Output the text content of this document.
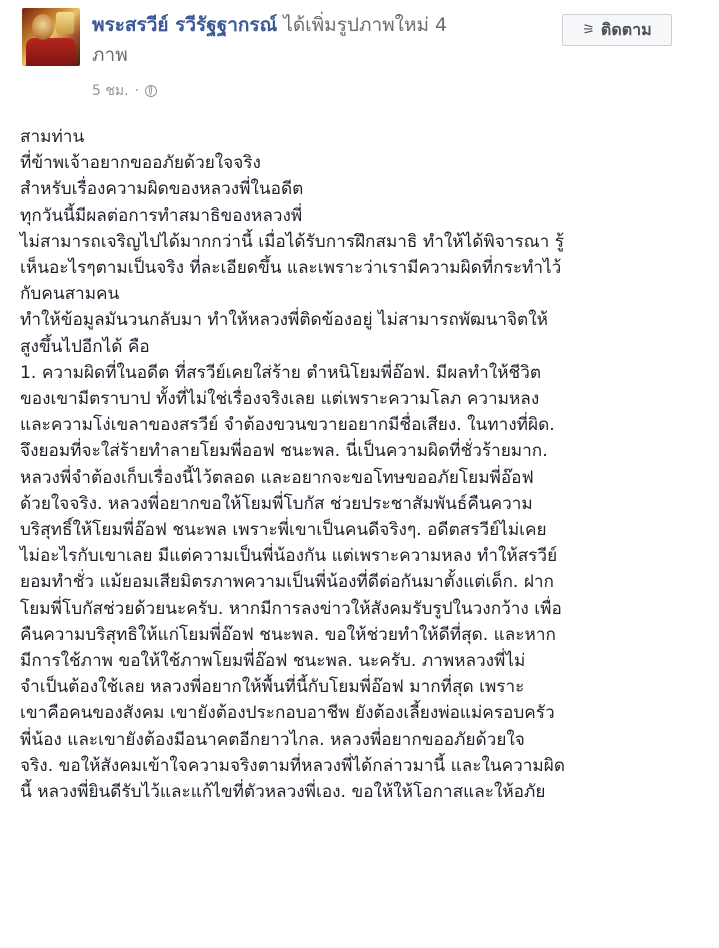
พระสรวีย์ รวีรัฐฐากรณ์ ได้เพิ่มรูปภาพใหม่ 4
ภาพ
5 ชม. ·
⚞ ติดตาม

สามท่าน

ที่ข้าพเจ้าอยากขออภัยด้วยใจจริง

สำหรับเรื่องความผิดของหลวงพี่ในอดีต

ทุกวันนี้มีผลต่อการทำสมาธิของหลวงพี่

ไม่สามารถเจริญไปได้มากกว่านี้ เมื่อได้รับการฝึกสมาธิ ทำให้ได้พิจารณา รู้

เห็นอะไรๆตามเป็นจริง ที่ละเอียดขึ้น และเพราะว่าเรามีความผิดที่กระทำไว้

กับคนสามคน

ทำให้ข้อมูลมันวนกลับมา ทำให้หลวงพี่ติดข้องอยู่ ไม่สามารถพัฒนาจิตให้

สูงขึ้นไปอีกได้ คือ

1. ความผิดที่ในอดีต ที่สรวีย์เคยใส่ร้าย ตำหนิโยมพี่อ๊อฟ. มีผลทำให้ชีวิต

ของเขามีตราบาป ทั้งที่ไม่ใช่เรื่องจริงเลย แต่เพราะความโลภ ความหลง

และความโง่เขลาของสรวีย์ จำต้องขวนขวายอยากมีชื่อเสียง. ในทางที่ผิด.

จึงยอมที่จะใส่ร้ายทำลายโยมพี่ออฟ ชนะพล. นี่เป็นความผิดที่ชั่วร้ายมาก.

หลวงพี่จำต้องเก็บเรื่องนี้ไว้ตลอด และอยากจะขอโทษขออภัยโยมพี่อ๊อฟ

ด้วยใจจริง. หลวงพี่อยากขอให้โยมพี่โบกัส ช่วยประชาสัมพันธ์คืนความ

บริสุทธิ์ให้โยมพี่อ๊อฟ ชนะพล เพราะพี่เขาเป็นคนดีจริงๆ. อดีตสรวีย์ไม่เคย

ไม่อะไรกับเขาเลย มีแต่ความเป็นพี่น้องกัน แต่เพราะความหลง ทำให้สรวีย์

ยอมทำชั่ว แม้ยอมเสียมิตรภาพความเป็นพี่น้องที่ดีต่อกันมาตั้งแต่เด็ก. ฝาก

โยมพี่โบกัสช่วยด้วยนะครับ. หากมีการลงข่าวให้สังคมรับรูปในวงกว้าง เพื่อ

คืนความบริสุทธิให้แก่โยมพี่อ๊อฟ ชนะพล. ขอให้ช่วยทำให้ดีที่สุด. และหาก

มีการใช้ภาพ ขอให้ใช้ภาพโยมพี่อ๊อฟ ชนะพล. นะครับ. ภาพหลวงพี่ไม่

จำเป็นต้องใช้เลย หลวงพี่อยากให้พื้นที่นี้กับโยมพี่อ๊อฟ มากที่สุด เพราะ

เขาคือคนของสังคม เขายังต้องประกอบอาชีพ ยังต้องเลี้ยงพ่อแม่ครอบครัว

พี่น้อง และเขายังต้องมีอนาคตอีกยาวไกล. หลวงพี่อยากขออภัยด้วยใจ

จริง. ขอให้สังคมเข้าใจความจริงตามที่หลวงพี่ได้กล่าวมานี้ และในความผิด

นี้ หลวงพี่ยินดีรับไว้และแก้ไขที่ตัวหลวงพี่เอง. ขอให้ให้โอกาสและให้อภัย
